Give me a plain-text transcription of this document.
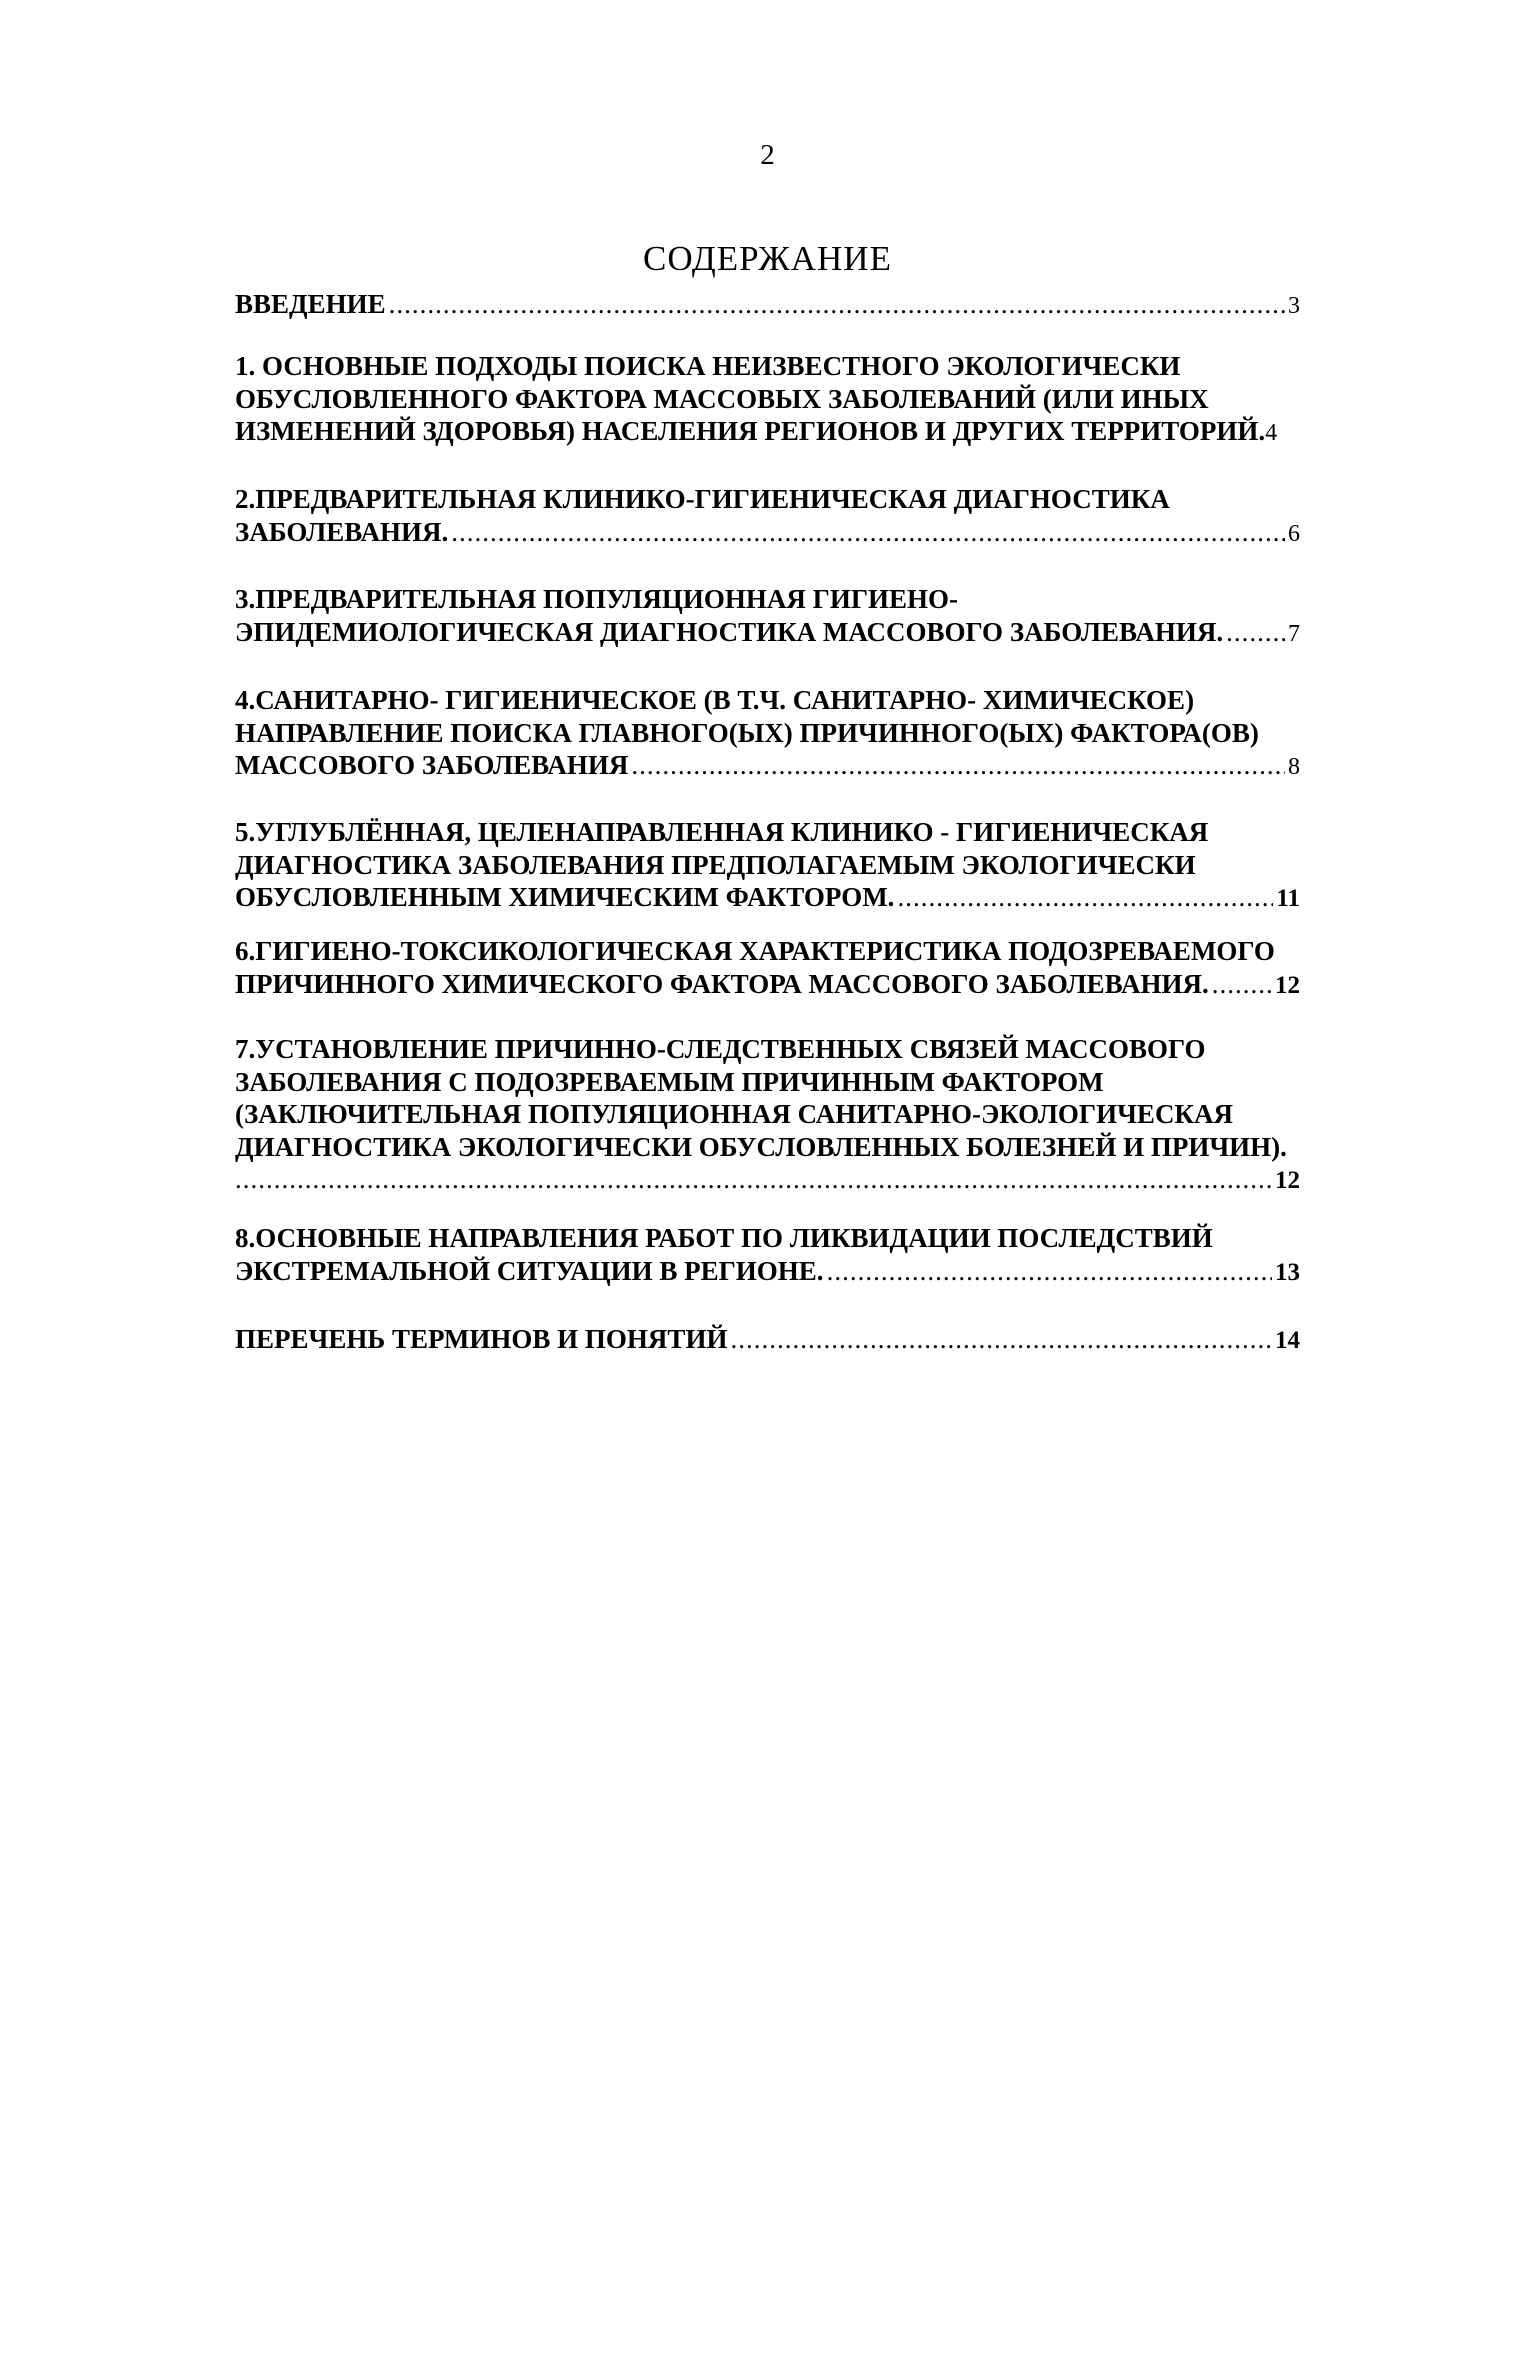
2
СОДЕРЖАНИЕ
ВВЕДЕНИЕ .....	3
1. ОСНОВНЫЕ ПОДХОДЫ ПОИСКА НЕИЗВЕСТНОГО ЭКОЛОГИЧЕСКИ
ОБУСЛОВЛЕННОГО ФАКТОРА МАССОВЫХ ЗАБОЛЕВАНИЙ (ИЛИ ИНЫХ
ИЗМЕНЕНИЙ ЗДОРОВЬЯ) НАСЕЛЕНИЯ РЕГИОНОВ И ДРУГИХ ТЕРРИТОРИЙ. 4
2.ПРЕДВАРИТЕЛЬНАЯ КЛИНИКО-ГИГИЕНИЧЕСКАЯ ДИАГНОСТИКА
ЗАБОЛЕВАНИЯ. .....	6
3.ПРЕДВАРИТЕЛЬНАЯ ПОПУЛЯЦИОННАЯ ГИГИЕНО-
ЭПИДЕМИОЛОГИЧЕСКАЯ ДИАГНОСТИКА МАССОВОГО ЗАБОЛЕВАНИЯ. .....	7
4.САНИТАРНО- ГИГИЕНИЧЕСКОЕ (В Т.Ч. САНИТАРНО- ХИМИЧЕСКОЕ)
НАПРАВЛЕНИЕ ПОИСКА ГЛАВНОГО(ЫХ) ПРИЧИННОГО(ЫХ) ФАКТОРА(ОВ)
МАССОВОГО ЗАБОЛЕВАНИЯ .....	8
5.УГЛУБЛЁННАЯ, ЦЕЛЕНАПРАВЛЕННАЯ КЛИНИКО - ГИГИЕНИЧЕСКАЯ
ДИАГНОСТИКА ЗАБОЛЕВАНИЯ ПРЕДПОЛАГАЕМЫМ ЭКОЛОГИЧЕСКИ
ОБУСЛОВЛЕННЫМ ХИМИЧЕСКИМ ФАКТОРОМ. .....	11
6.ГИГИЕНО-ТОКСИКОЛОГИЧЕСКАЯ ХАРАКТЕРИСТИКА ПОДОЗРЕВАЕМОГО
ПРИЧИННОГО ХИМИЧЕСКОГО ФАКТОРА МАССОВОГО ЗАБОЛЕВАНИЯ. .....	12
7.УСТАНОВЛЕНИЕ ПРИЧИННО-СЛЕДСТВЕННЫХ СВЯЗЕЙ МАССОВОГО
ЗАБОЛЕВАНИЯ С ПОДОЗРЕВАЕМЫМ ПРИЧИННЫМ ФАКТОРОМ
(ЗАКЛЮЧИТЕЛЬНАЯ ПОПУЛЯЦИОННАЯ САНИТАРНО-ЭКОЛОГИЧЕСКАЯ
ДИАГНОСТИКА ЭКОЛОГИЧЕСКИ ОБУСЛОВЛЕННЫХ БОЛЕЗНЕЙ И ПРИЧИН).
.....
12
8.ОСНОВНЫЕ НАПРАВЛЕНИЯ РАБОТ ПО ЛИКВИДАЦИИ ПОСЛЕДСТВИЙ
ЭКСТРЕМАЛЬНОЙ СИТУАЦИИ В РЕГИОНЕ. .....	13
ПЕРЕЧЕНЬ ТЕРМИНОВ И ПОНЯТИЙ .....	14
